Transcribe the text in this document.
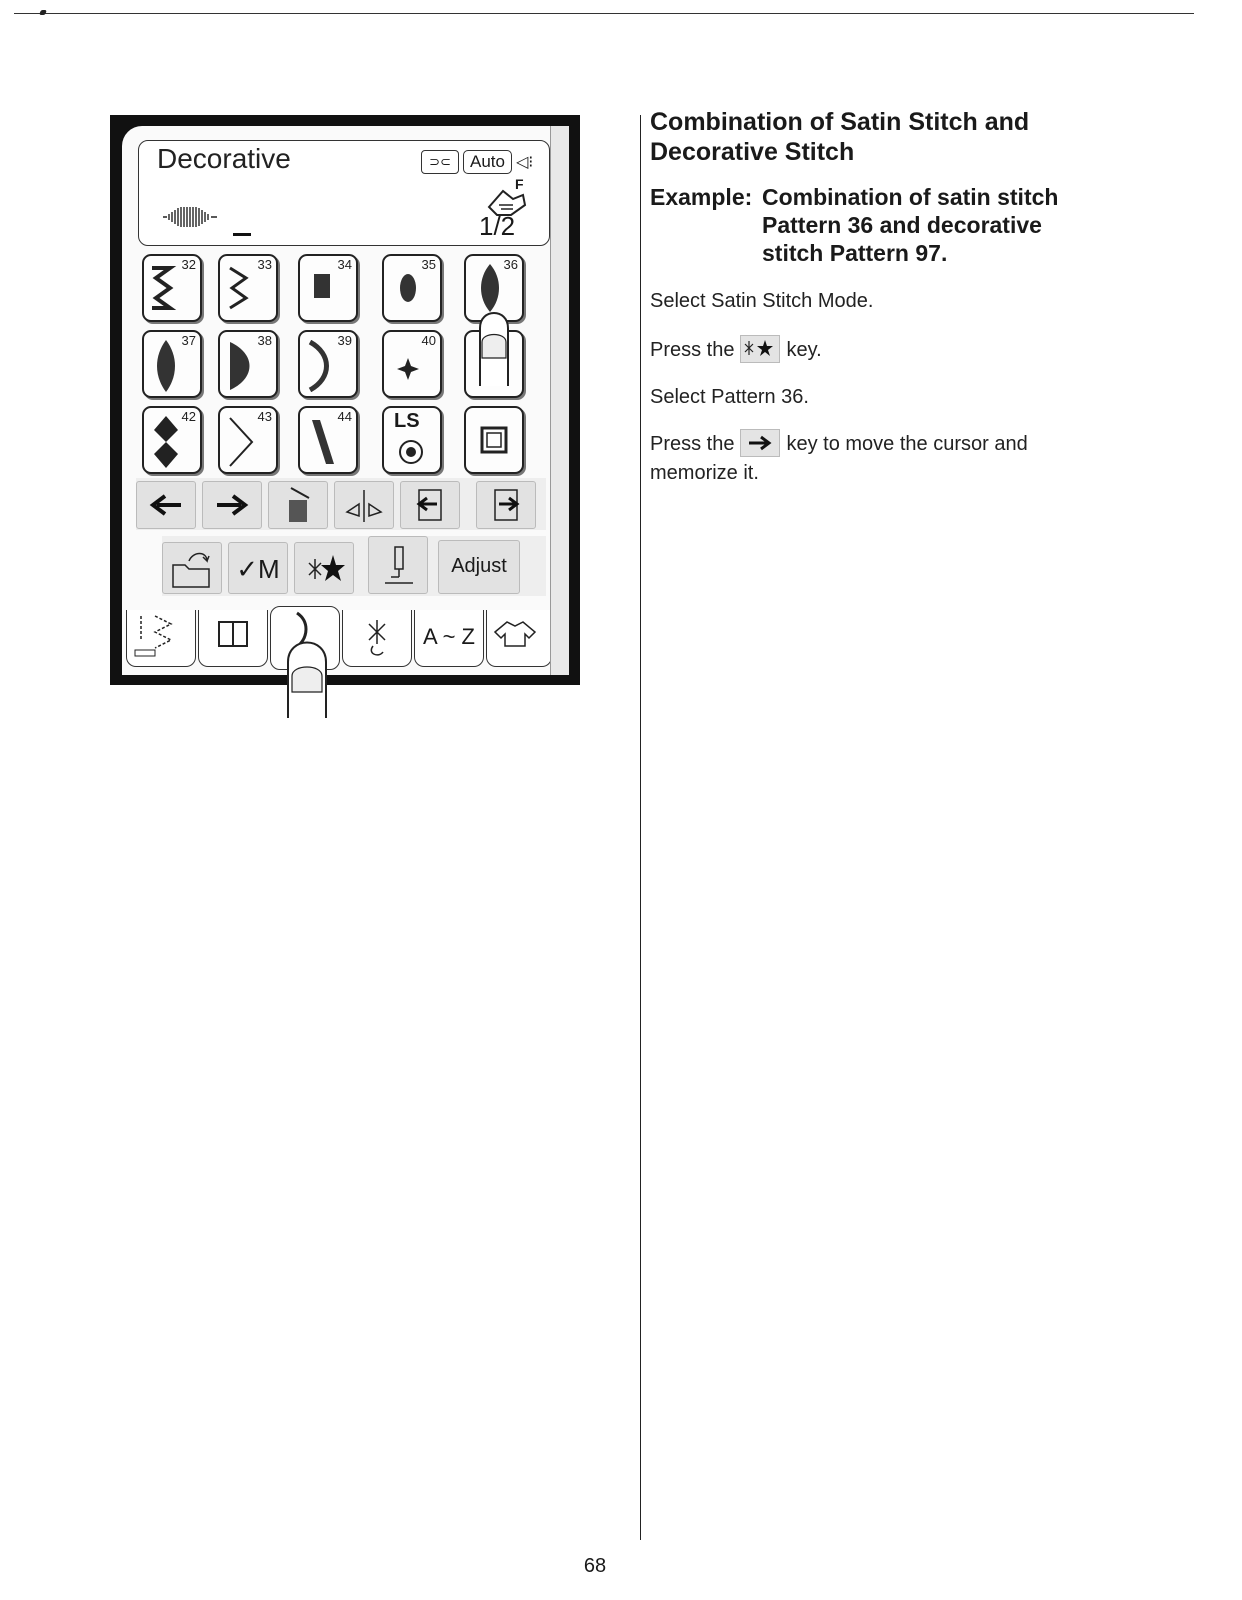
Decorative	⊃⊂	Auto ◁⁝
F
1/2
32	33	34	35	36
37	38	39	40
42	43	44 LS
✓M	Adjust
A ~ Z
Combination of Satin Stitch and Decorative Stitch
Example: Combination of satin stitch Pattern 36 and decorative stitch Pattern 97.
Select Satin Stitch Mode.
Press the	key.
Select Pattern 36.
Press the	key to move the cursor and memorize it.
68
